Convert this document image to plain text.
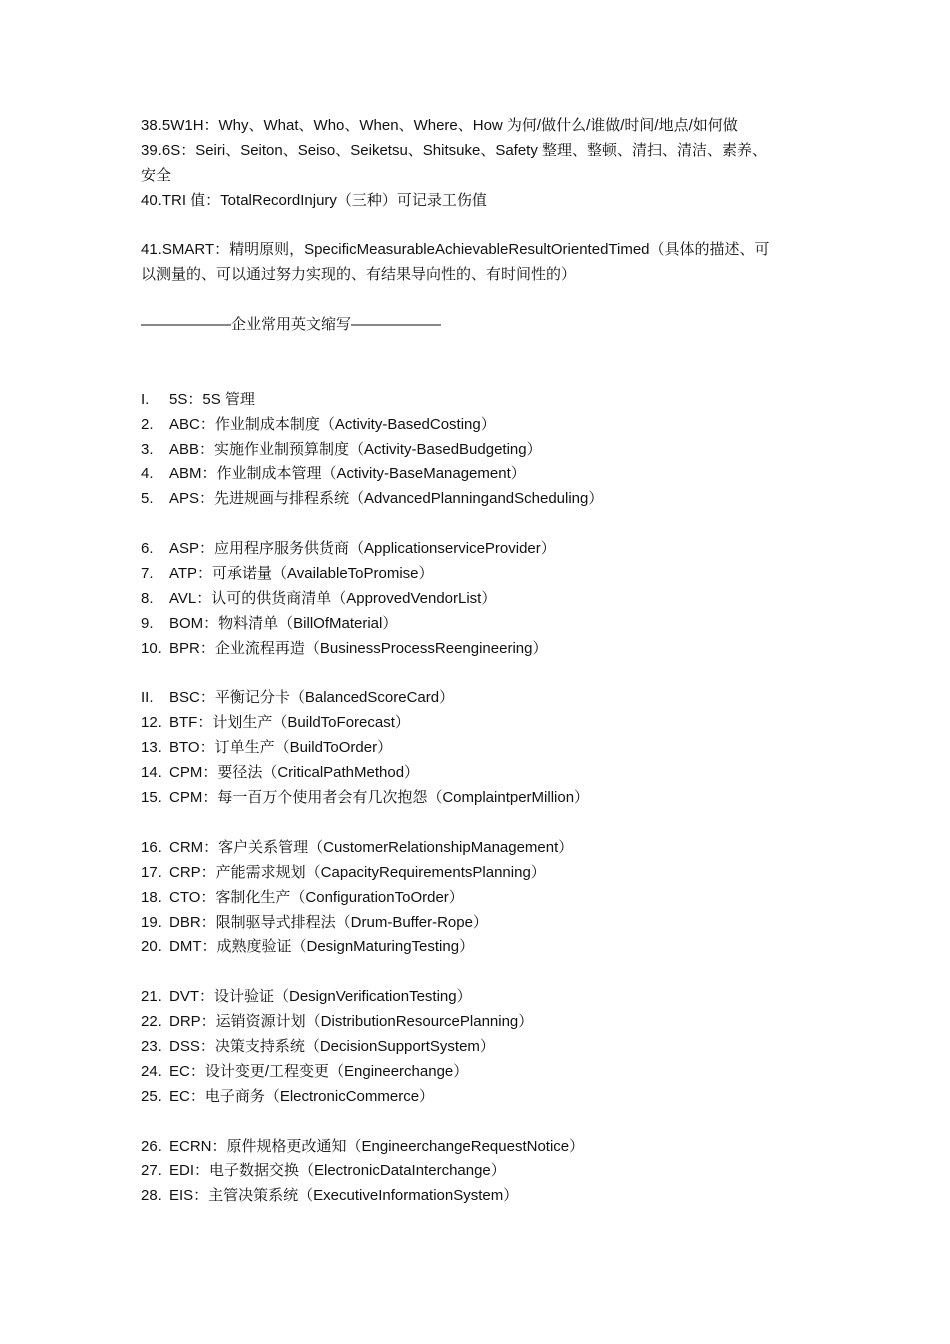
38.5W1H：Why、What、Who、When、Where、How 为何/做什么/谁做/时间/地点/如何做
39.6S：Seiri、Seiton、Seiso、Seiketsu、Shitsuke、Safety 整理、整顿、清扫、清洁、素养、
安全
40.TRI 值：TotalRecordInjury（三种）可记录工伤值
41.SMART：精明原则，SpecificMeasurableAchievableResultOrientedTimed（具体的描述、可
以测量的、可以通过努力实现的、有结果导向性的、有时间性的）
——————企业常用英文缩写——————
I.	5S：5S 管理
2.	ABC：作业制成本制度（Activity-BasedCosting）
3.	ABB：实施作业制预算制度（Activity-BasedBudgeting）
4.	ABM：作业制成本管理（Activity-BaseManagement）
5.	APS：先进规画与排程系统（AdvancedPlanningandScheduling）
6.	ASP：应用程序服务供货商（ApplicationserviceProvider）
7.	ATP：可承诺量（AvailableToPromise）
8.	AVL：认可的供货商清单（ApprovedVendorList）
9.	BOM：物料清单（BillOfMaterial）
10. BPR：企业流程再造（BusinessProcessReengineering）
II.	BSC：平衡记分卡（BalancedScoreCard）
12. BTF：计划生产（BuildToForecast）
13. BTO：订单生产（BuildToOrder）
14. CPM：要径法（CriticalPathMethod）
15. CPM：每一百万个使用者会有几次抱怨（ComplaintperMillion）
16. CRM：客户关系管理（CustomerRelationshipManagement）
17. CRP：产能需求规划（CapacityRequirementsPlanning）
18. CTO：客制化生产（ConfigurationToOrder）
19. DBR：限制驱导式排程法（Drum-Buffer-Rope）
20. DMT：成熟度验证（DesignMaturingTesting）
21. DVT：设计验证（DesignVerificationTesting）
22. DRP：运销资源计划（DistributionResourcePlanning）
23. DSS：决策支持系统（DecisionSupportSystem）
24. EC：设计变更/工程变更（Engineerchange）
25. EC：电子商务（ElectronicCommerce）
26. ECRN：原件规格更改通知（EngineerchangeRequestNotice）
27. EDI：电子数据交换（ElectronicDataInterchange）
28. EIS：主管决策系统（ExecutiveInformationSystem）
